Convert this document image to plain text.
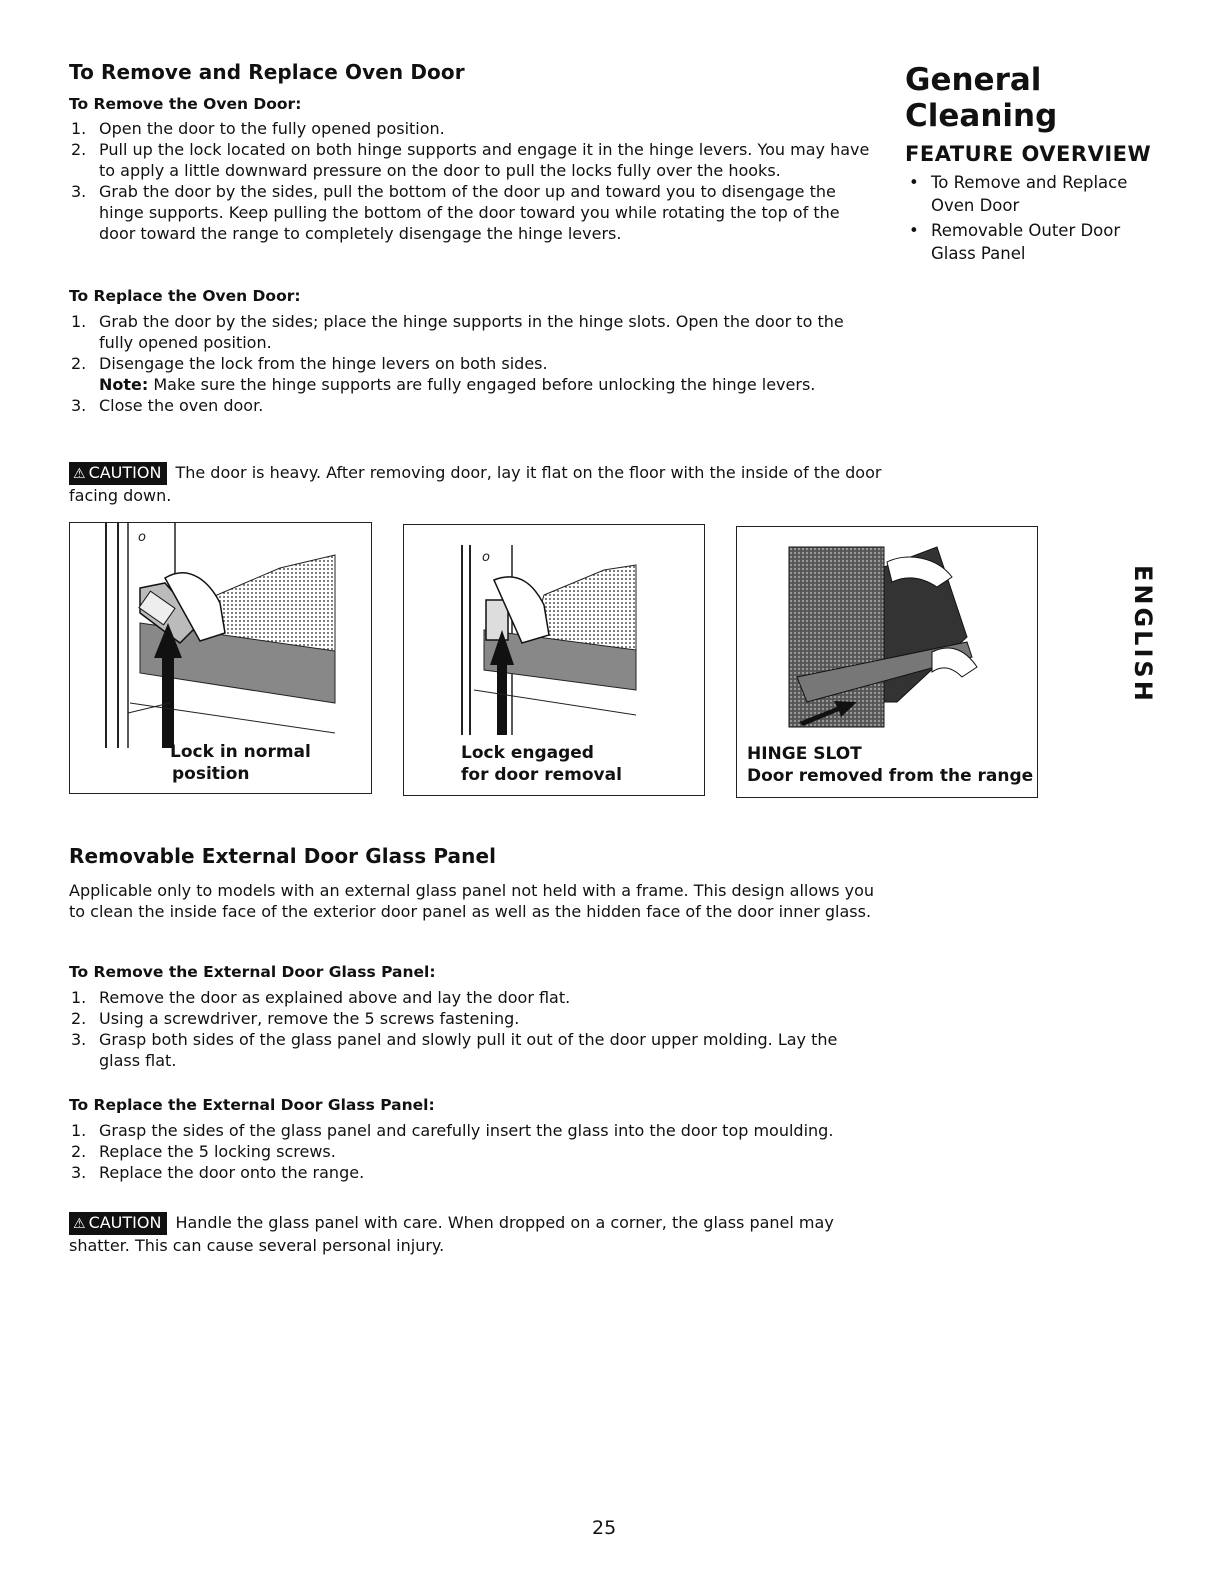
To Remove and Replace Oven Door
To Remove the Oven Door:
1. Open the door to the fully opened position.
2. Pull up the lock located on both hinge supports and engage it in the hinge levers. You may have to apply a little downward pressure on the door to pull the locks fully over the hooks.
3. Grab the door by the sides, pull the bottom of the door up and toward you to disengage the hinge supports. Keep pulling the bottom of the door toward you while rotating the top of the door toward the range to completely disengage the hinge levers.
To Replace the Oven Door:
1. Grab the door by the sides; place the hinge supports in the hinge slots. Open the door to the fully opened position.
2. Disengage the lock from the hinge levers on both sides.
Note: Make sure the hinge supports are fully engaged before unlocking the hinge levers.
3. Close the oven door.
⚠ CAUTION The door is heavy. After removing door, lay it flat on the floor with the inside of the door facing down.
o
Lock in normal
position
o
Lock engaged
for door removal
HINGE SLOT
Door removed from the range
Removable External Door Glass Panel
Applicable only to models with an external glass panel not held with a frame. This design allows you to clean the inside face of the exterior door panel as well as the hidden face of the door inner glass.
To Remove the External Door Glass Panel:
1. Remove the door as explained above and lay the door flat.
2. Using a screwdriver, remove the 5 screws fastening.
3. Grasp both sides of the glass panel and slowly pull it out of the door upper molding. Lay the glass flat.
To Replace the External Door Glass Panel:
1. Grasp the sides of the glass panel and carefully insert the glass into the door top moulding.
2. Replace the 5 locking screws.
3. Replace the door onto the range.
⚠ CAUTION Handle the glass panel with care. When dropped on a corner, the glass panel may shatter. This can cause several personal injury.
General
Cleaning
FEATURE OVERVIEW
• To Remove and Replace Oven Door
• Removable Outer Door Glass Panel
ENGLISH
25
